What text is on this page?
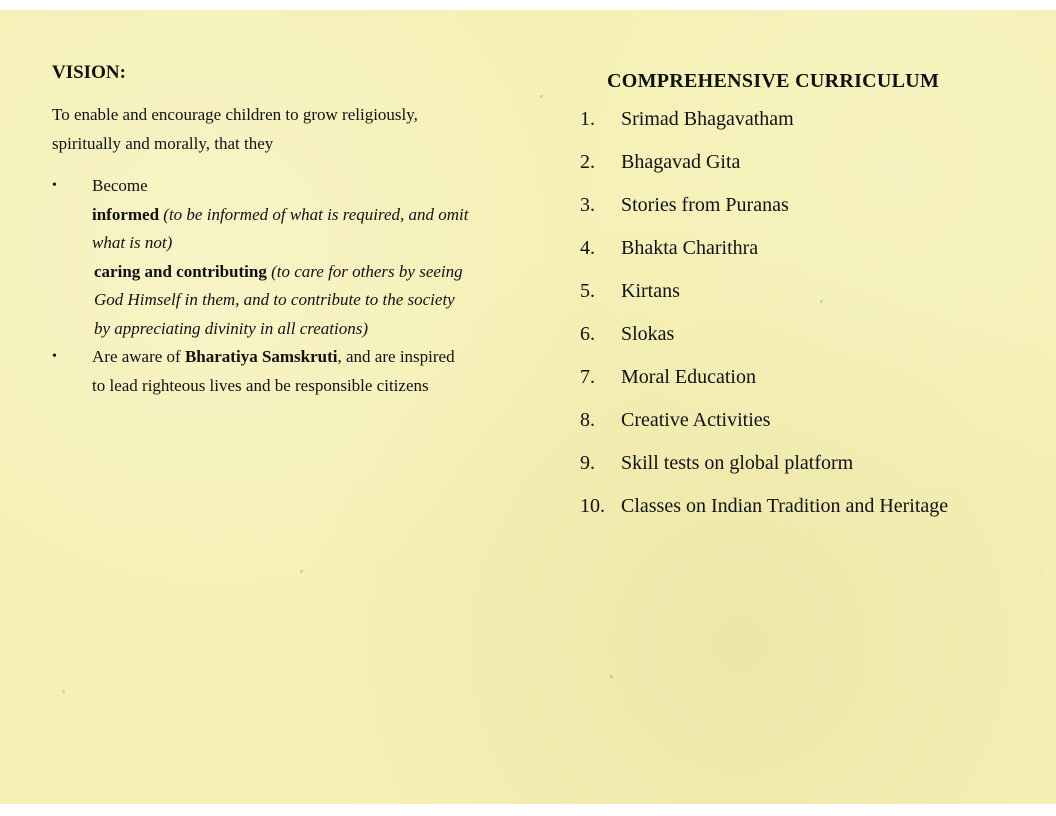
VISION:
To enable and encourage children to grow religiously, spiritually and morally, that they
• Become
informed (to be informed of what is required, and omit what is not)
caring and contributing (to care for others by seeing God Himself in them, and to contribute to the society by appreciating divinity in all creations)
• Are aware of Bharatiya Samskruti, and are inspired to lead righteous lives and be responsible citizens
COMPREHENSIVE CURRICULUM
1.	Srimad Bhagavatham
2.	Bhagavad Gita
3.	Stories from Puranas
4.	Bhakta Charithra
5.	Kirtans
6.	Slokas
7.	Moral Education
8.	Creative Activities
9.	Skill tests on global platform
10. Classes on Indian Tradition and Heritage
